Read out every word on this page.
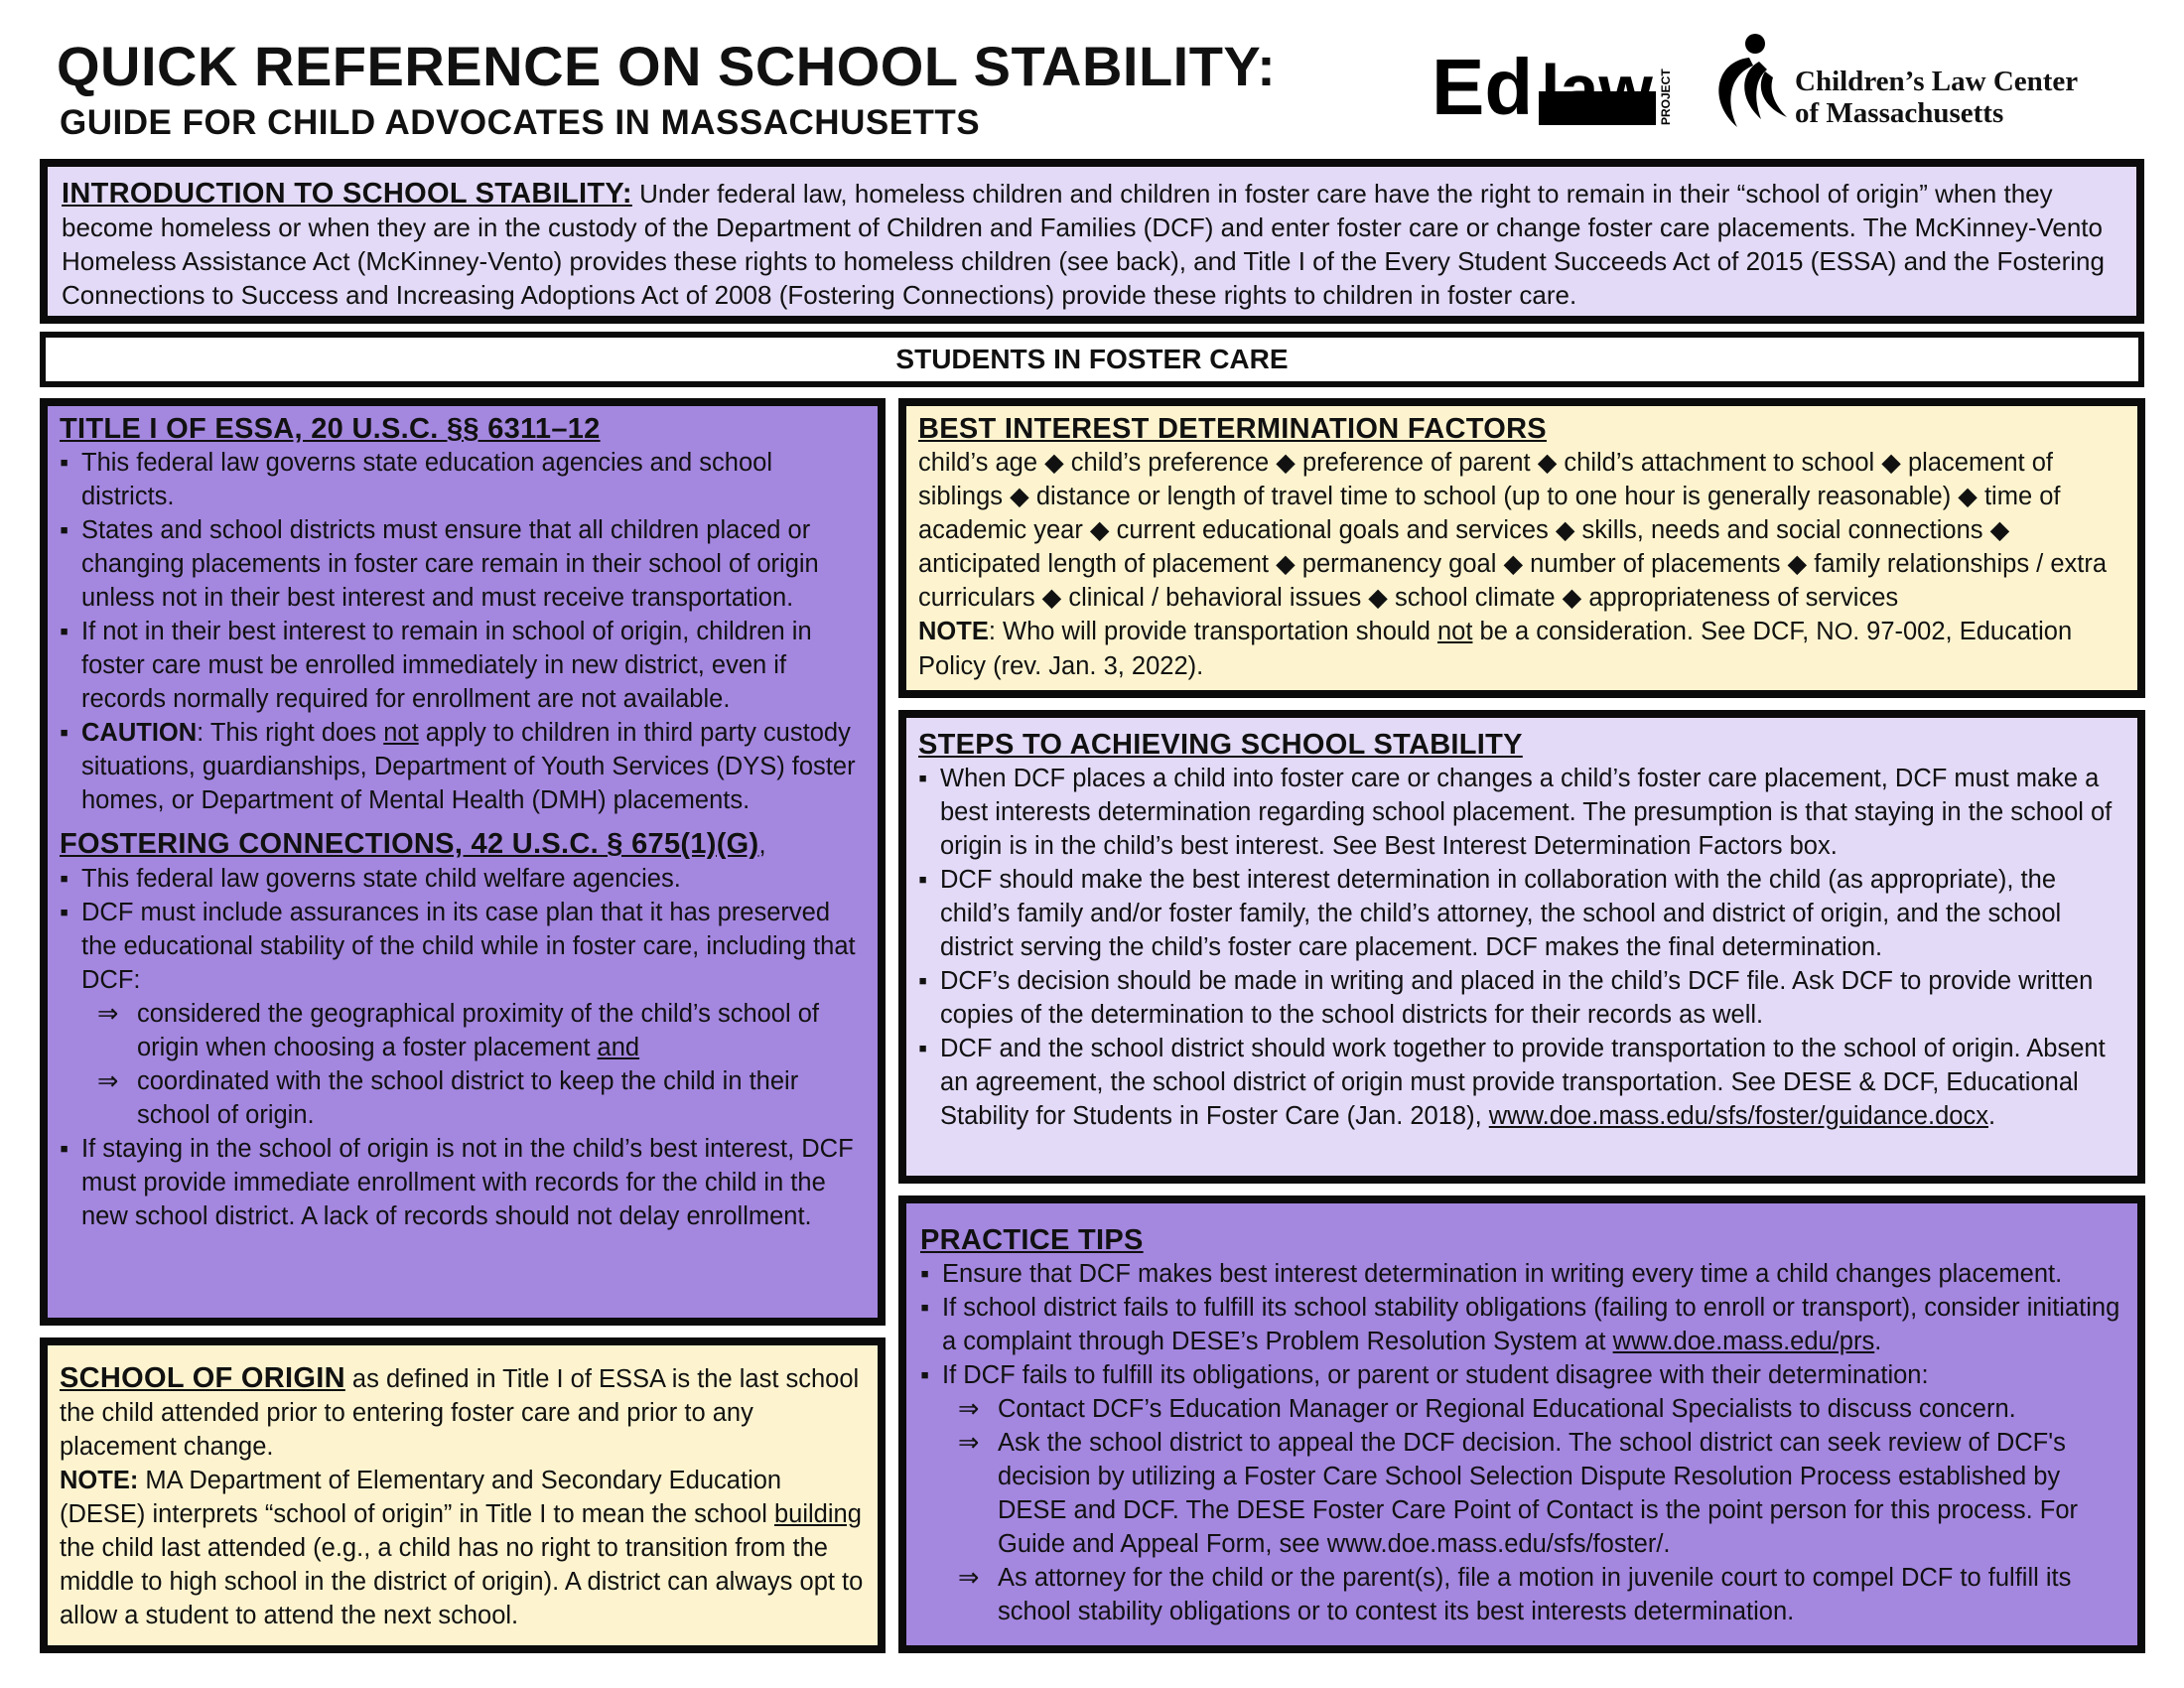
QUICK REFERENCE ON SCHOOL STABILITY:
GUIDE FOR CHILD ADVOCATES IN MASSACHUSETTS	Ed law PROJECT	Children’s Law Center
of Massachusetts
INTRODUCTION TO SCHOOL STABILITY: Under federal law, homeless children and children in foster care have the right to remain in their “school of origin” when they become homeless or when they are in the custody of the Department of Children and Families (DCF) and enter foster care or change foster care placements. The McKinney-Vento Homeless Assistance Act (McKinney-Vento) provides these rights to homeless children (see back), and Title I of the Every Student Succeeds Act of 2015 (ESSA) and the Fostering Connections to Success and Increasing Adoptions Act of 2008 (Fostering Connections) provide these rights to children in foster care.
STUDENTS IN FOSTER CARE
TITLE I OF ESSA, 20 U.S.C. §§ 6311–12
▪ This federal law governs state education agencies and school districts.
▪ States and school districts must ensure that all children placed or changing placements in foster care remain in their school of origin unless not in their best interest and must receive transportation.
▪ If not in their best interest to remain in school of origin, children in foster care must be enrolled immediately in new district, even if records normally required for enrollment are not available.
▪ CAUTION: This right does not apply to children in third party custody situations, guardianships, Department of Youth Services (DYS) foster homes, or Department of Mental Health (DMH) placements.
FOSTERING CONNECTIONS, 42 U.S.C. § 675(1)(G),
▪ This federal law governs state child welfare agencies.
▪ DCF must include assurances in its case plan that it has preserved the educational stability of the child while in foster care, including that DCF:
⇒ considered the geographical proximity of the child’s school of origin when choosing a foster placement and
⇒ coordinated with the school district to keep the child in their school of origin.
▪ If staying in the school of origin is not in the child’s best interest, DCF must provide immediate enrollment with records for the child in the new school district. A lack of records should not delay enrollment.
SCHOOL OF ORIGIN as defined in Title I of ESSA is the last school the child attended prior to entering foster care and prior to any placement change.
NOTE: MA Department of Elementary and Secondary Education (DESE) interprets “school of origin” in Title I to mean the school building the child last attended (e.g., a child has no right to transition from the middle to high school in the district of origin). A district can always opt to allow a student to attend the next school.
BEST INTEREST DETERMINATION FACTORS
child’s age ◆ child’s preference ◆ preference of parent ◆ child’s attachment to school ◆ placement of siblings ◆ distance or length of travel time to school (up to one hour is generally reasonable) ◆ time of academic year ◆ current educational goals and services ◆ skills, needs and social connections ◆ anticipated length of placement ◆ permanency goal ◆ number of placements ◆ family relationships / extra curriculars ◆ clinical / behavioral issues ◆ school climate ◆ appropriateness of services
NOTE: Who will provide transportation should not be a consideration. See DCF, NO. 97-002, Education Policy (rev. Jan. 3, 2022).
STEPS TO ACHIEVING SCHOOL STABILITY
▪ When DCF places a child into foster care or changes a child’s foster care placement, DCF must make a best interests determination regarding school placement. The presumption is that staying in the school of origin is in the child’s best interest. See Best Interest Determination Factors box.
▪ DCF should make the best interest determination in collaboration with the child (as appropriate), the child’s family and/or foster family, the child’s attorney, the school and district of origin, and the school district serving the child’s foster care placement. DCF makes the final determination.
▪ DCF’s decision should be made in writing and placed in the child’s DCF file. Ask DCF to provide written copies of the determination to the school districts for their records as well.
▪ DCF and the school district should work together to provide transportation to the school of origin. Absent an agreement, the school district of origin must provide transportation. See DESE & DCF, Educational Stability for Students in Foster Care (Jan. 2018), www.doe.mass.edu/sfs/foster/guidance.docx.
PRACTICE TIPS
▪ Ensure that DCF makes best interest determination in writing every time a child changes placement.
▪ If school district fails to fulfill its school stability obligations (failing to enroll or transport), consider initiating a complaint through DESE’s Problem Resolution System at www.doe.mass.edu/prs.
▪ If DCF fails to fulfill its obligations, or parent or student disagree with their determination:
⇒ Contact DCF’s Education Manager or Regional Educational Specialists to discuss concern.
⇒ Ask the school district to appeal the DCF decision. The school district can seek review of DCF's decision by utilizing a Foster Care School Selection Dispute Resolution Process established by DESE and DCF. The DESE Foster Care Point of Contact is the point person for this process. For Guide and Appeal Form, see www.doe.mass.edu/sfs/foster/.
⇒ As attorney for the child or the parent(s), file a motion in juvenile court to compel DCF to fulfill its school stability obligations or to contest its best interests determination.
